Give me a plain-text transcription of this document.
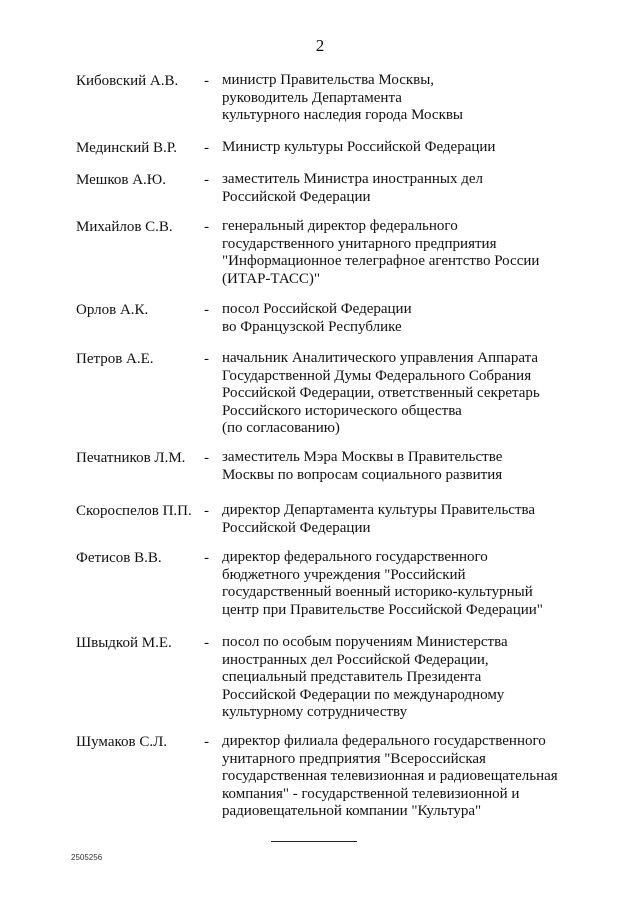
2
Кибовский А.В. - министр Правительства Москвы,
руководитель Департамента
культурного наследия города Москвы
Мединский В.Р. - Министр культуры Российской Федерации
Мешков А.Ю.	- заместитель Министра иностранных дел
Российской Федерации
Михайлов С.В. - генеральный директор федерального
государственного унитарного предприятия
"Информационное телеграфное агентство России
(ИТАР-ТАСС)"
Орлов А.К.	- посол Российской Федерации
во Французской Республике
Петров А.Е.	- начальник Аналитического управления Аппарата
Государственной Думы Федерального Собрания
Российской Федерации, ответственный секретарь
Российского исторического общества
(по согласованию)
Печатников Л.М. - заместитель Мэра Москвы в Правительстве
Москвы по вопросам социального развития
Скороспелов П.П. - директор Департамента культуры Правительства
Российской Федерации
Фетисов В.В.	- директор федерального государственного
бюджетного учреждения "Российский
государственный военный историко-культурный
центр при Правительстве Российской Федерации"
Швыдкой М.Е. - посол по особым поручениям Министерства
иностранных дел Российской Федерации,
специальный представитель Президента
Российской Федерации по международному
культурному сотрудничеству
Шумаков С.Л. - директор филиала федерального государственного
унитарного предприятия "Всероссийская
государственная телевизионная и радиовещательная
компания" - государственной телевизионной и
радиовещательной компании "Культура"
2505256
